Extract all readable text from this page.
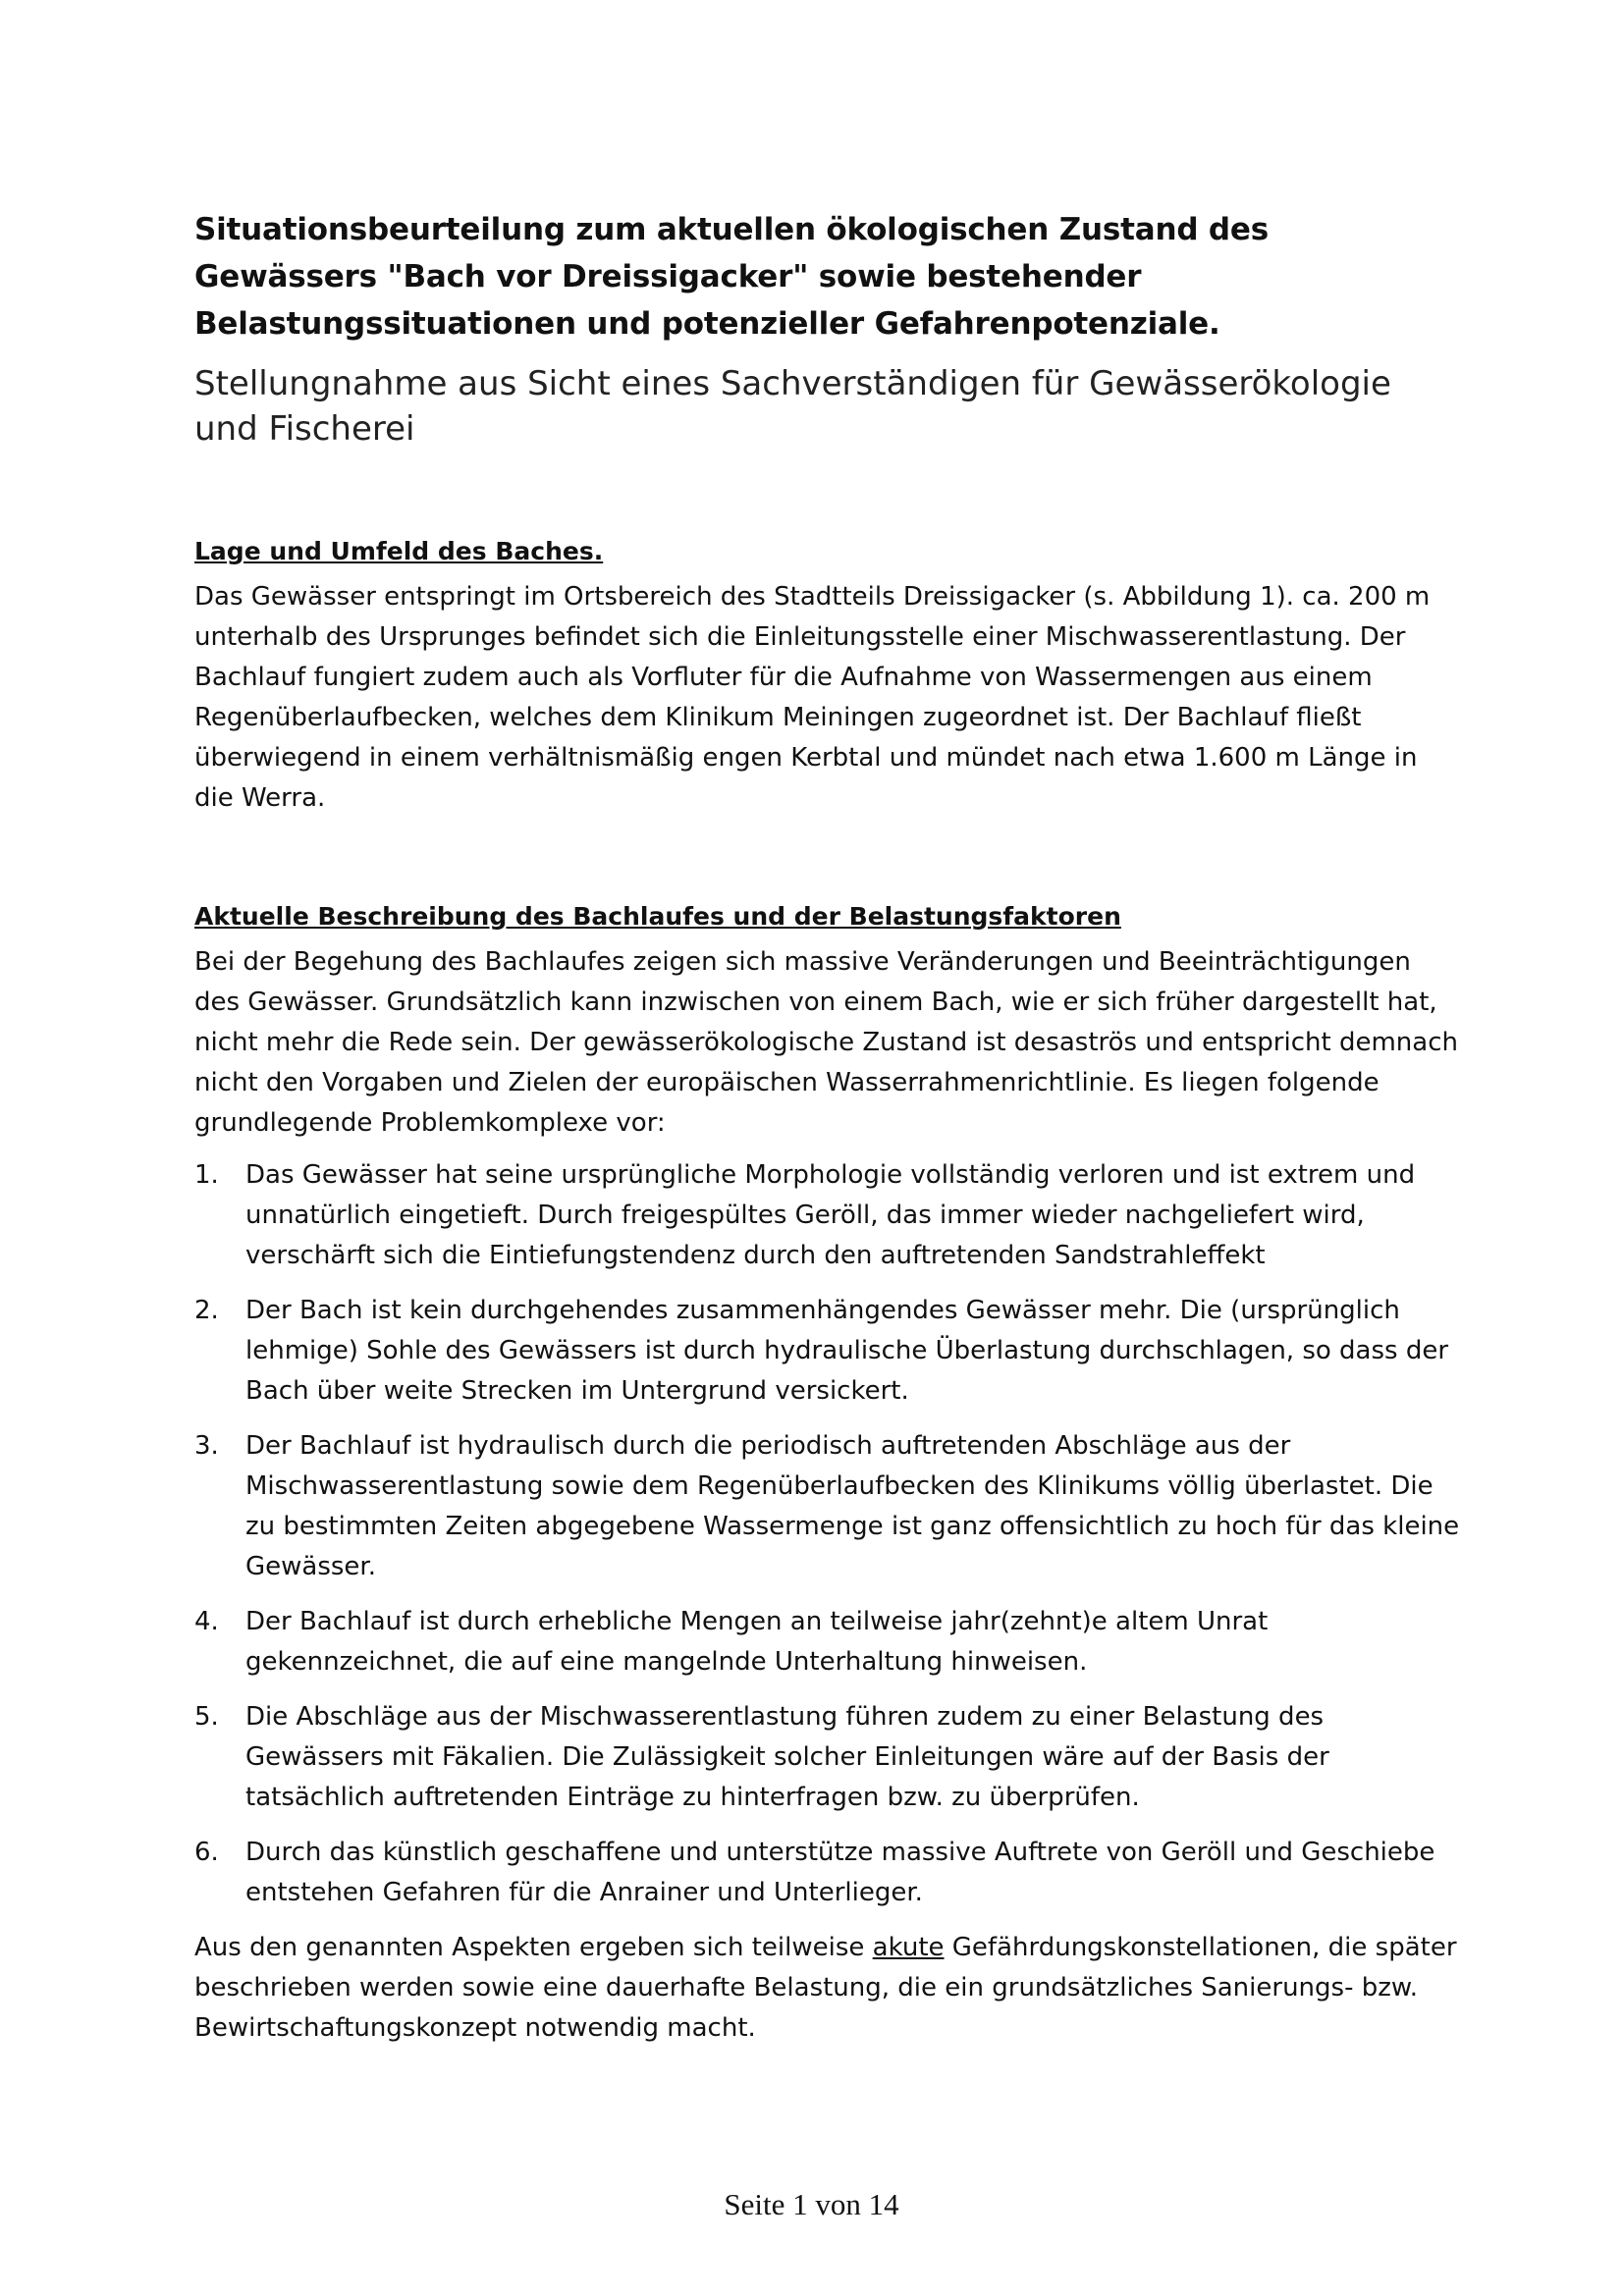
Situationsbeurteilung zum aktuellen ökologischen Zustand des Gewässers "Bach vor Dreissigacker" sowie bestehender Belastungssituationen und potenzieller Gefahrenpotenziale.

Stellungnahme aus Sicht eines Sachverständigen für Gewässerökologie und Fischerei

Lage und Umfeld des Baches.

Das Gewässer entspringt im Ortsbereich des Stadtteils Dreissigacker (s. Abbildung 1). ca. 200 m unterhalb des Ursprunges befindet sich die Einleitungsstelle einer Mischwasserentlastung. Der Bachlauf fungiert zudem auch als Vorfluter für die Aufnahme von Wassermengen aus einem Regenüberlaufbecken, welches dem Klinikum Meiningen zugeordnet ist. Der Bachlauf fließt überwiegend in einem verhältnismäßig engen Kerbtal und mündet nach etwa 1.600 m Länge in die Werra.

Aktuelle Beschreibung des Bachlaufes und der Belastungsfaktoren

Bei der Begehung des Bachlaufes zeigen sich massive Veränderungen und Beeinträchtigungen des Gewässer. Grundsätzlich kann inzwischen von einem Bach, wie er sich früher dargestellt hat, nicht mehr die Rede sein. Der gewässerökologische Zustand ist desaströs und entspricht demnach nicht den Vorgaben und Zielen der europäischen Wasserrahmenrichtlinie. Es liegen folgende grundlegende Problemkomplexe vor:

1. Das Gewässer hat seine ursprüngliche Morphologie vollständig verloren und ist extrem und unnatürlich eingetieft. Durch freigespültes Geröll, das immer wieder nachgeliefert wird, verschärft sich die Eintiefungstendenz durch den auftretenden Sandstrahleffekt
2. Der Bach ist kein durchgehendes zusammenhängendes Gewässer mehr. Die (ursprünglich lehmige) Sohle des Gewässers ist durch hydraulische Überlastung durchschlagen, so dass der Bach über weite Strecken im Untergrund versickert.
3. Der Bachlauf ist hydraulisch durch die periodisch auftretenden Abschläge aus der Mischwasserentlastung sowie dem Regenüberlaufbecken des Klinikums völlig überlastet. Die zu bestimmten Zeiten abgegebene Wassermenge ist ganz offensichtlich zu hoch für das kleine Gewässer.
4. Der Bachlauf ist durch erhebliche Mengen an teilweise jahr(zehnt)e altem Unrat gekennzeichnet, die auf eine mangelnde Unterhaltung hinweisen.
5. Die Abschläge aus der Mischwasserentlastung führen zudem zu einer Belastung des Gewässers mit Fäkalien. Die Zulässigkeit solcher Einleitungen wäre auf der Basis der tatsächlich auftretenden Einträge zu hinterfragen bzw. zu überprüfen.
6. Durch das künstlich geschaffene und unterstütze massive Auftrete von Geröll und Geschiebe entstehen Gefahren für die Anrainer und Unterlieger.

Aus den genannten Aspekten ergeben sich teilweise akute Gefährdungskonstellationen, die später beschrieben werden sowie eine dauerhafte Belastung, die ein grundsätzliches Sanierungs- bzw. Bewirtschaftungskonzept notwendig macht.

Seite 1 von 14
